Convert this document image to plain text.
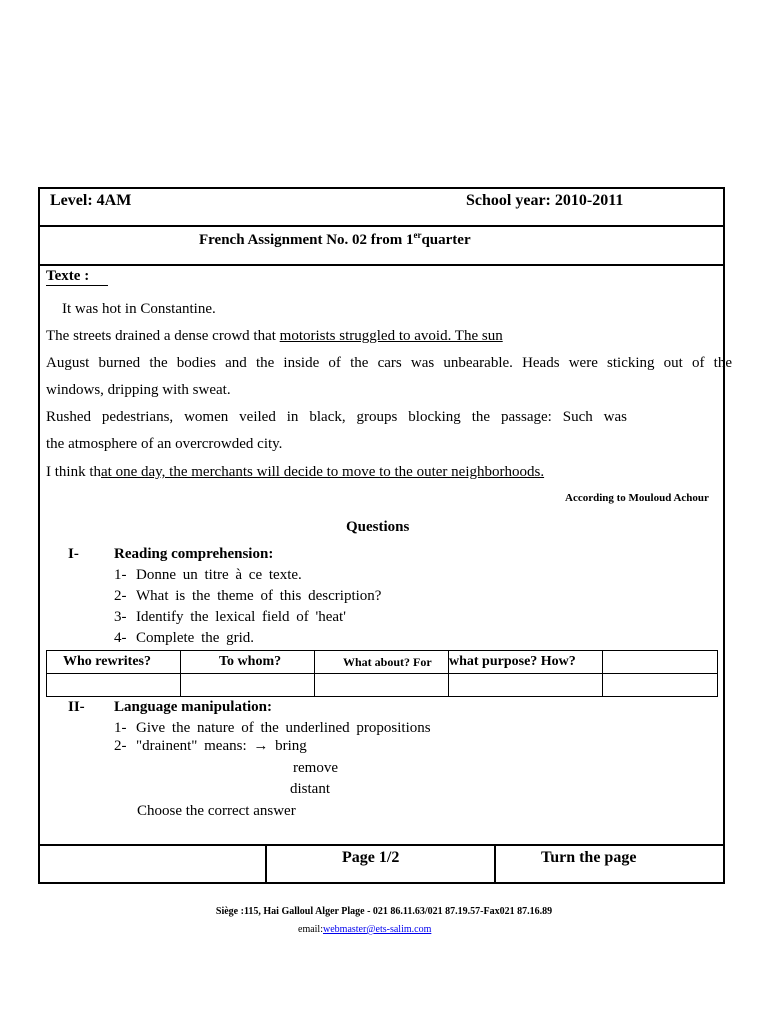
Level: 4AM	School year: 2010-2011
French Assignment No. 02 from 1erquarter
Texte :
It was hot in Constantine.
The streets drained a dense crowd that motorists struggled to avoid. The sun
August burned the bodies and the inside of the cars was unbearable. Heads were sticking out of the
windows, dripping with sweat.
Rushed pedestrians, women veiled in black, groups blocking the passage: Such was
the atmosphere of an overcrowded city.
I think that one day, the merchants will decide to move to the outer neighborhoods.
According to Mouloud Achour
Questions
I- Reading comprehension:
1- Donne un titre à ce texte.
2- What is the theme of this description?
3- Identify the lexical field of 'heat'
4- Complete the grid.
Who rewrites?	To whom?	What about? For	what purpose? How?	

II- Language manipulation:
1- Give the nature of the underlined propositions
2- "drainent" means: → bring
remove
distant
Choose the correct answer
Page 1/2	Turn the page
Siège :115, Hai Galloul Alger Plage - 021 86.11.63/021 87.19.57-Fax021 87.16.89
email:webmaster@ets-salim.com
